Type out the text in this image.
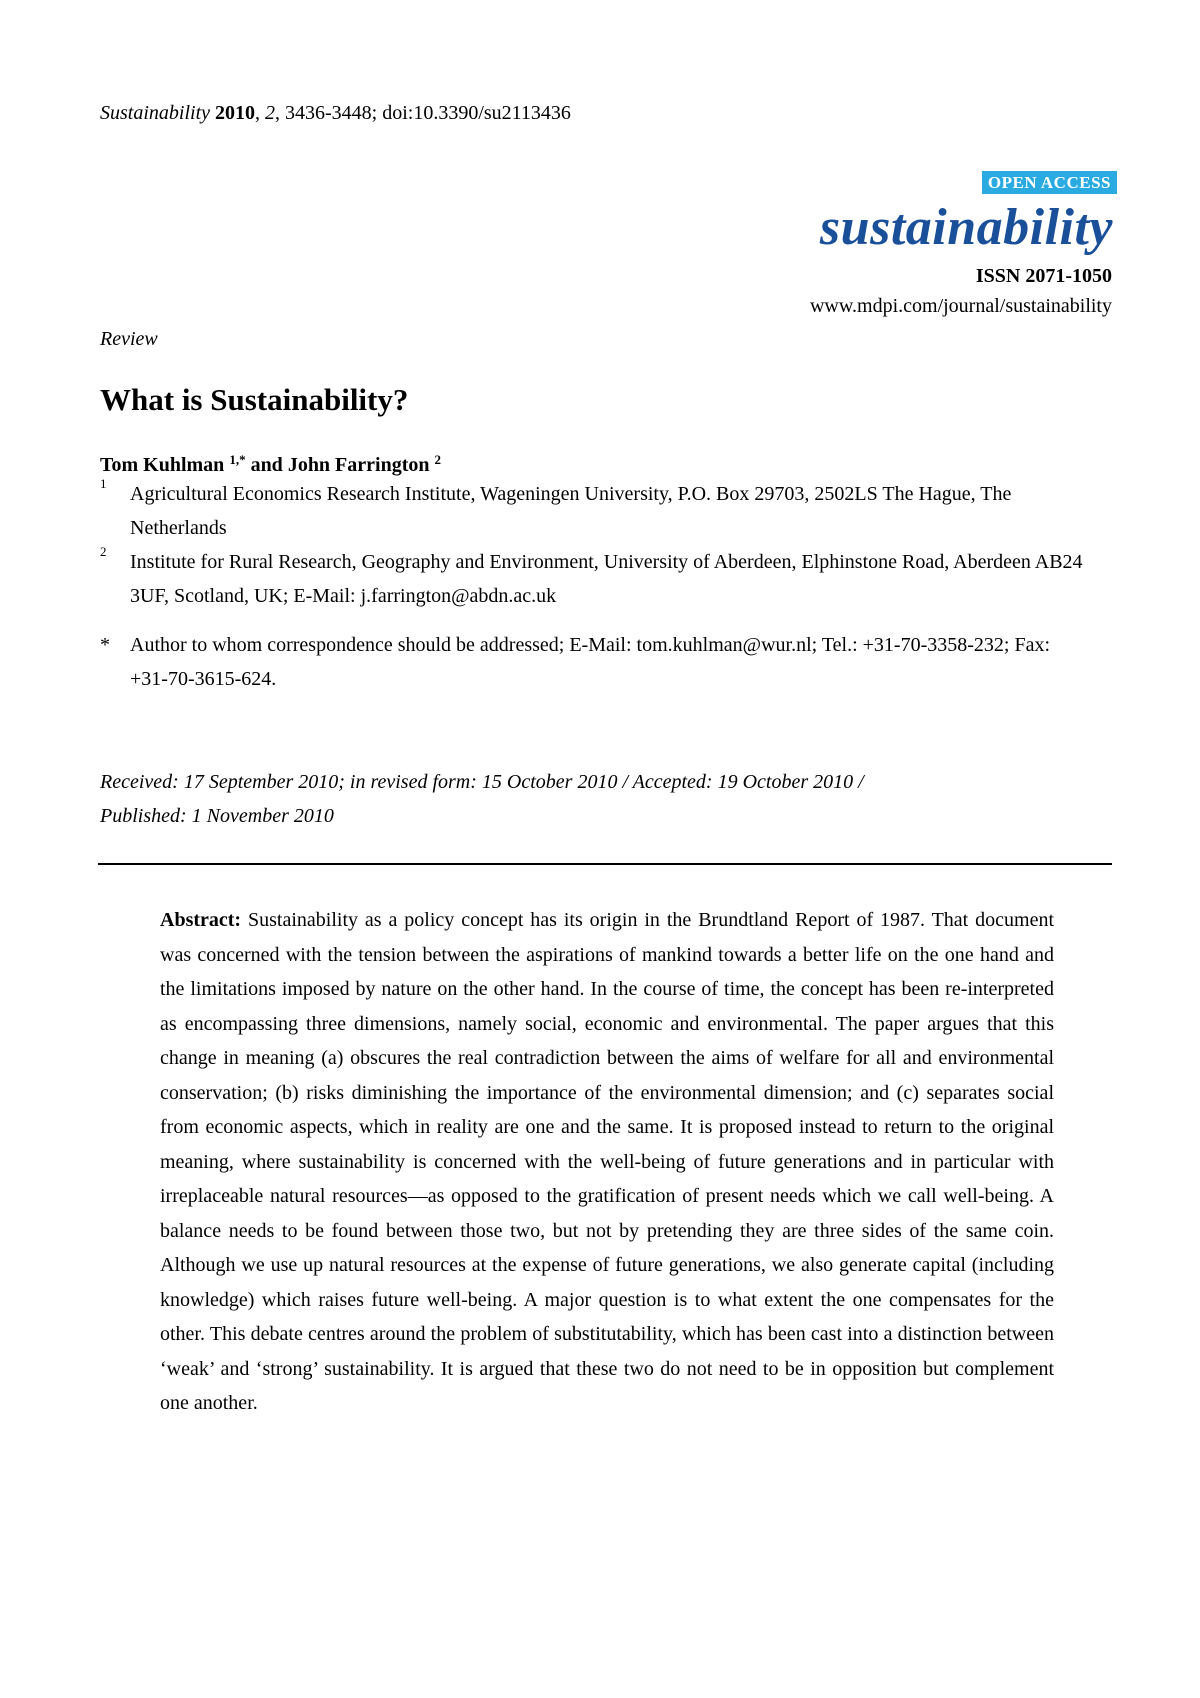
Sustainability 2010, 2, 3436-3448; doi:10.3390/su2113436
OPEN ACCESS
sustainability
ISSN 2071-1050
www.mdpi.com/journal/sustainability
Review
What is Sustainability?
Tom Kuhlman $^{1,*}$ and John Farrington $^2$
1 Agricultural Economics Research Institute, Wageningen University, P.O. Box 29703, 2502LS The Hague, The Netherlands
2 Institute for Rural Research, Geography and Environment, University of Aberdeen, Elphinstone Road, Aberdeen AB24 3UF, Scotland, UK; E-Mail: j.farrington@abdn.ac.uk
* Author to whom correspondence should be addressed; E-Mail: tom.kuhlman@wur.nl; Tel.: +31-70-3358-232; Fax: +31-70-3615-624.
Received: 17 September 2010; in revised form: 15 October 2010 / Accepted: 19 October 2010 /
Published: 1 November 2010
Abstract: Sustainability as a policy concept has its origin in the Brundtland Report of 1987. That document was concerned with the tension between the aspirations of mankind towards a better life on the one hand and the limitations imposed by nature on the other hand. In the course of time, the concept has been re-interpreted as encompassing three dimensions, namely social, economic and environmental. The paper argues that this change in meaning (a) obscures the real contradiction between the aims of welfare for all and environmental conservation; (b) risks diminishing the importance of the environmental dimension; and (c) separates social from economic aspects, which in reality are one and the same. It is proposed instead to return to the original meaning, where sustainability is concerned with the well-being of future generations and in particular with irreplaceable natural resources—as opposed to the gratification of present needs which we call well-being. A balance needs to be found between those two, but not by pretending they are three sides of the same coin. Although we use up natural resources at the expense of future generations, we also generate capital (including knowledge) which raises future well-being. A major question is to what extent the one compensates for the other. This debate centres around the problem of substitutability, which has been cast into a distinction between ‘weak’ and ‘strong’ sustainability. It is argued that these two do not need to be in opposition but complement one another.
